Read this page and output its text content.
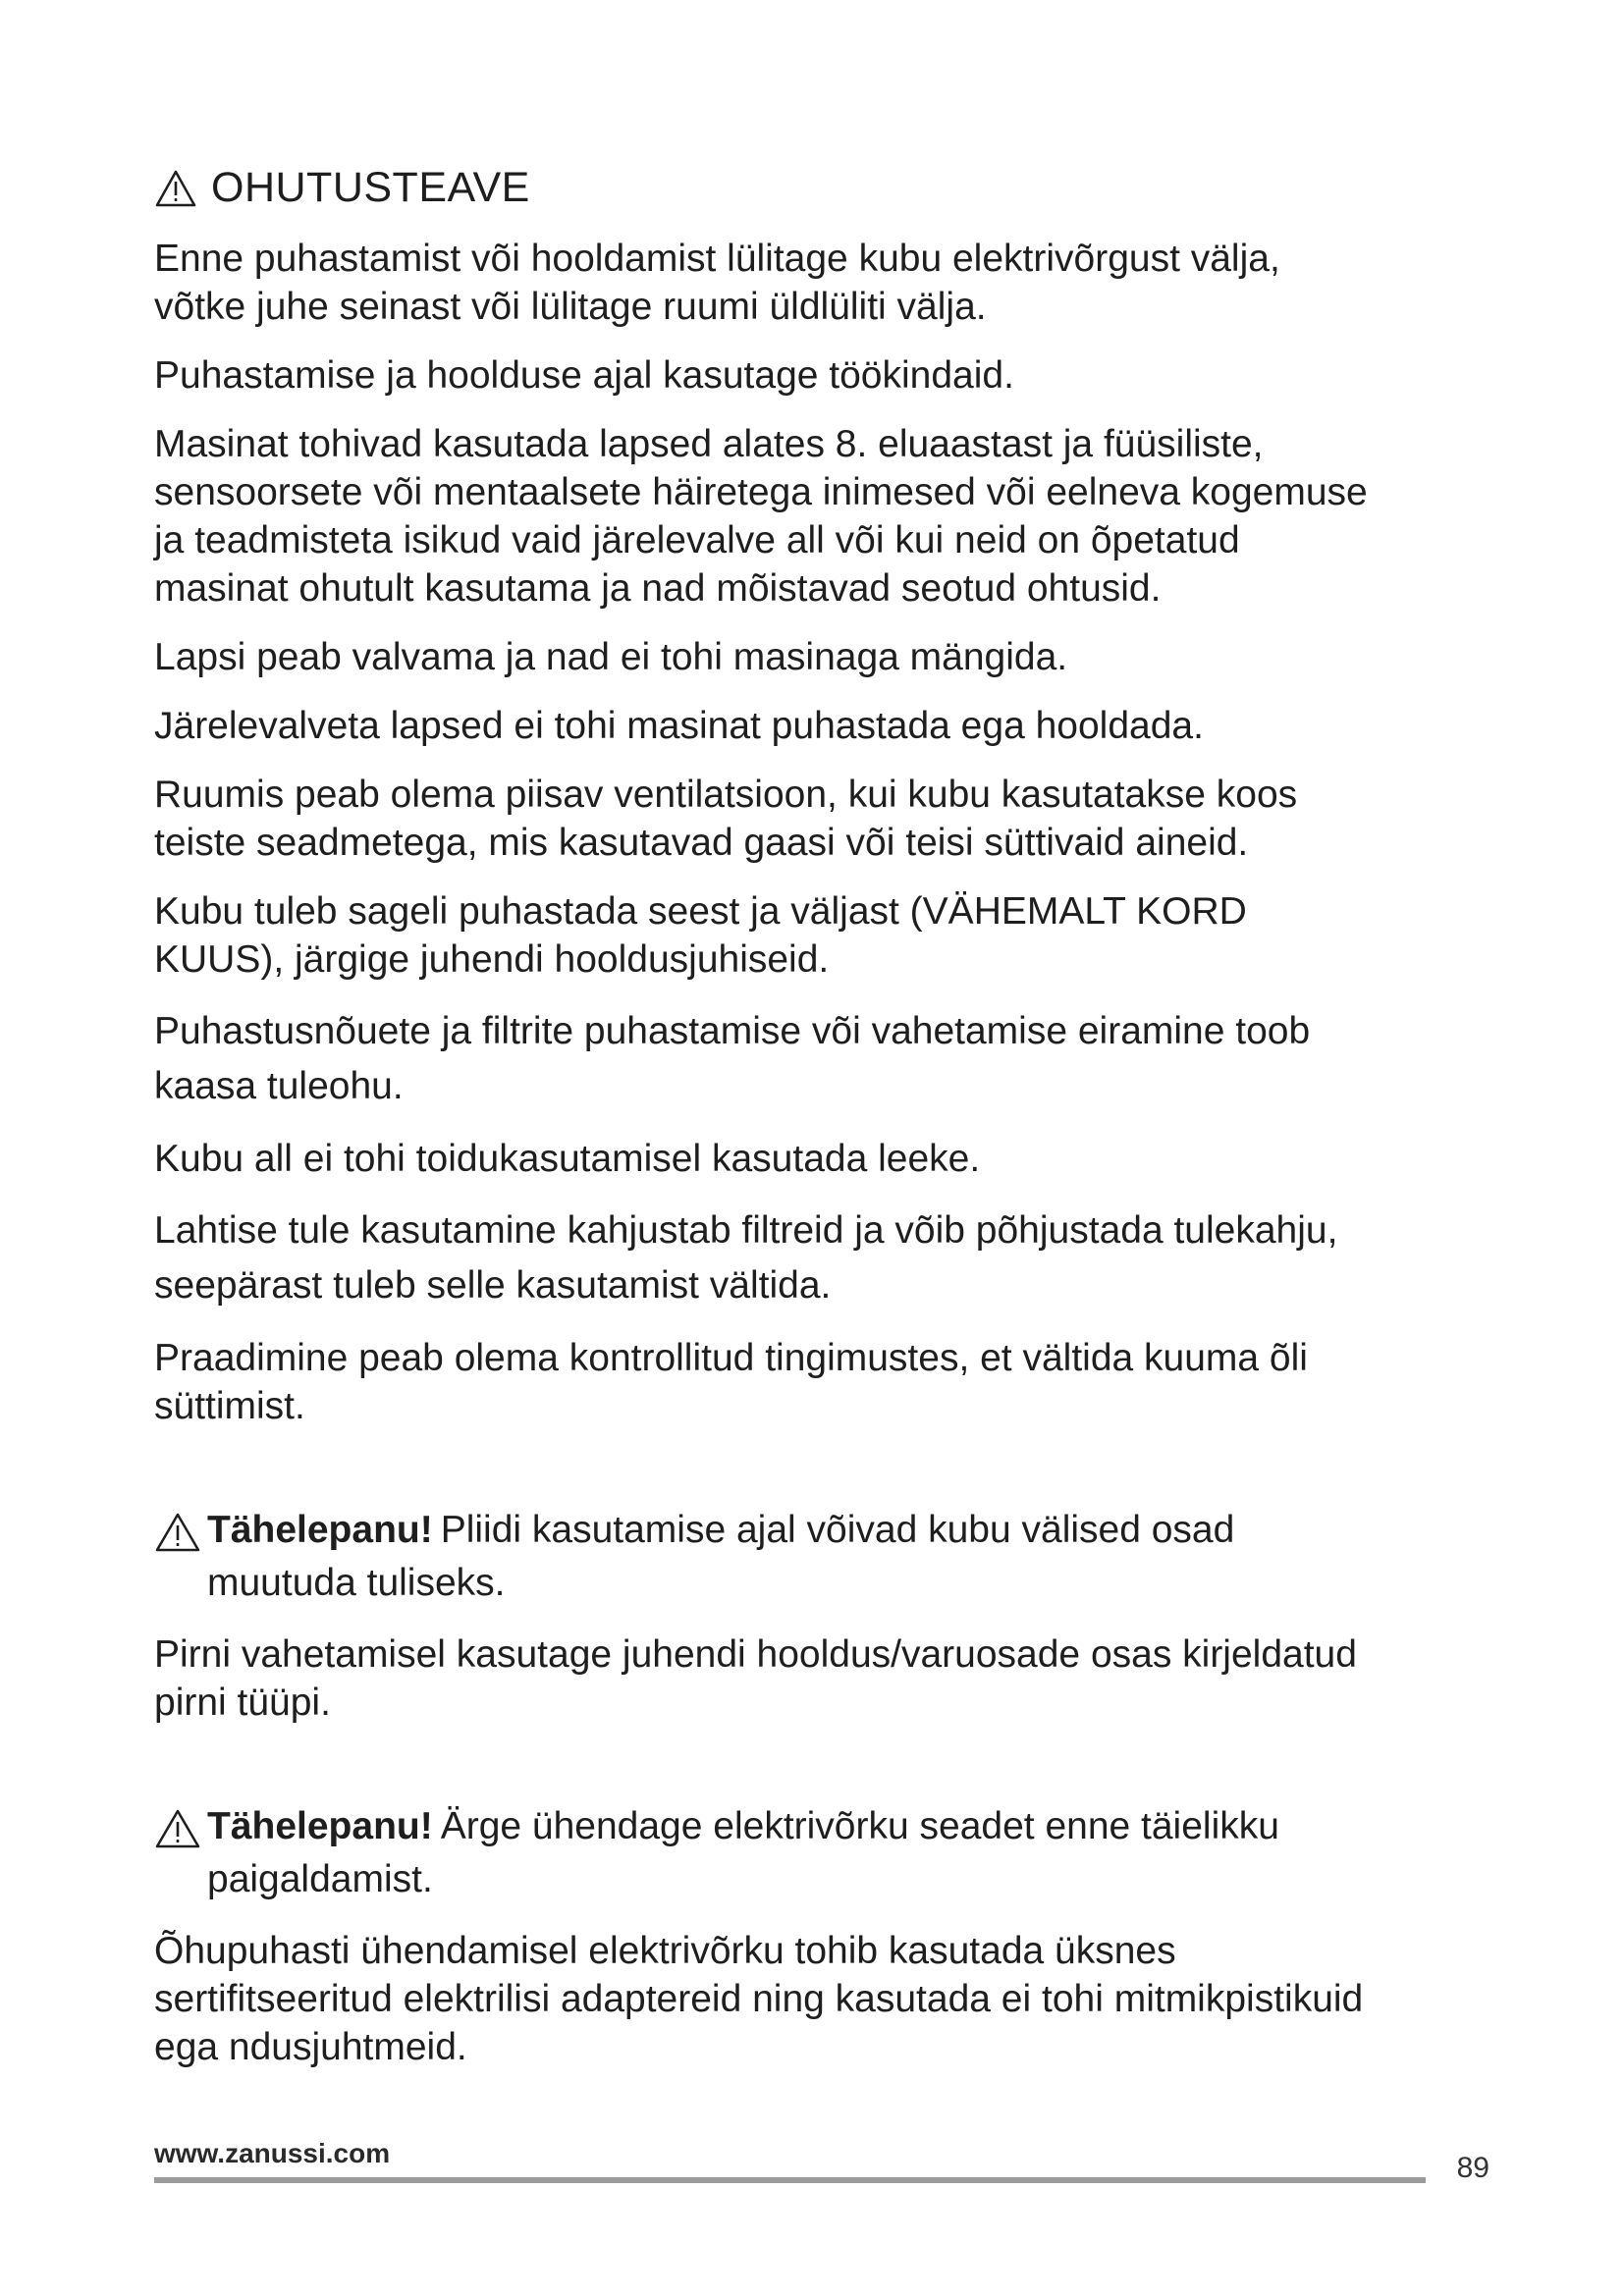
OHUTUSTEAVE

Enne puhastamist või hooldamist lülitage kubu elektrivõrgust välja,
võtke juhe seinast või lülitage ruumi üldlüliti välja.

Puhastamise ja hoolduse ajal kasutage töökindaid.

Masinat tohivad kasutada lapsed alates 8. eluaastast ja füüsiliste,
sensoorsete või mentaalsete häiretega inimesed või eelneva kogemuse
ja teadmisteta isikud vaid järelevalve all või kui neid on õpetatud
masinat ohutult kasutama ja nad mõistavad seotud ohtusid.

Lapsi peab valvama ja nad ei tohi masinaga mängida.

Järelevalveta lapsed ei tohi masinat puhastada ega hooldada.

Ruumis peab olema piisav ventilatsioon, kui kubu kasutatakse koos
teiste seadmetega, mis kasutavad gaasi või teisi süttivaid aineid.

Kubu tuleb sageli puhastada seest ja väljast (VÄHEMALT KORD
KUUS), järgige juhendi hooldusjuhiseid.

Puhastusnõuete ja filtrite puhastamise või vahetamise eiramine toob
kaasa tuleohu.

Kubu all ei tohi toidukasutamisel kasutada leeke.

Lahtise tule kasutamine kahjustab filtreid ja võib põhjustada tulekahju,
seepärast tuleb selle kasutamist vältida.

Praadimine peab olema kontrollitud tingimustes, et vältida kuuma õli
süttimist.

Tähelepanu! Pliidi kasutamise ajal võivad kubu välised osad
muutuda tuliseks.

Pirni vahetamisel kasutage juhendi hooldus/varuosade osas kirjeldatud
pirni tüüpi.

Tähelepanu! Ärge ühendage elektrivõrku seadet enne täielikku
paigaldamist.

Õhupuhasti ühendamisel elektrivõrku tohib kasutada üksnes
sertifitseeritud elektrilisi adaptereid ning kasutada ei tohi mitmikpistikuid
ega ndusjuhtmeid.

www.zanussi.com	89
